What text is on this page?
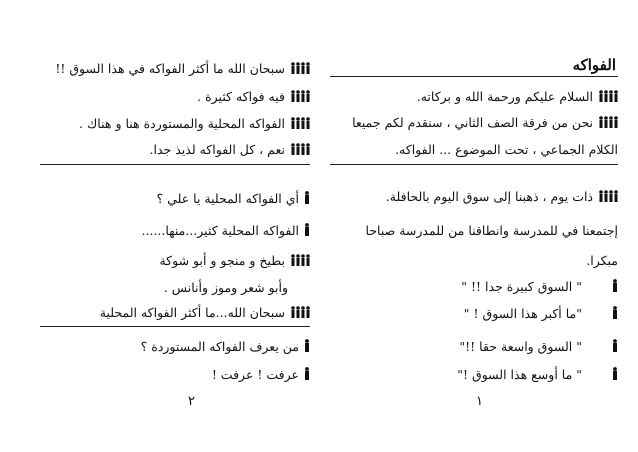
الفواكه
السلام عليكم ورحمة الله و بركاته.
نحن من فرقة الصف الثاني ، سنقدم لكم جميعا
الكلام الجماعي ، تحت الموضوع ... الفواكه.
ذات يوم ، ذهبنا إلى سوق اليوم بالحافلة.
إجتمعنا في للمدرسة وانطاقنا من للمدرسة صباحا
مبكرا.
" السوق كبيرة جدا !! "
"ما أكبر هذا السوق ! "
" السوق واسعة حقا !!"
" ما أوسع هذا السوق !"
١
سبحان الله ما أكثر الفواكه في هذا السوق !!
فيه فواكه كثيرة .
الفواكه المحلية والمستوردة هنا و هناك .
نعم ، كل الفواكه لذيذ جدا.
أي الفواكه المحلية يا علي ؟
الفواكه المحلية كثير...منها......
بطيخ و منجو و أبو شوكة
وأبو شعر وموز وأنانس .
سبحان الله...ما أكثر الفواكه المحلية
من يعرف الفواكه المستوردة ؟
عرفت ! عرفت !
٢
